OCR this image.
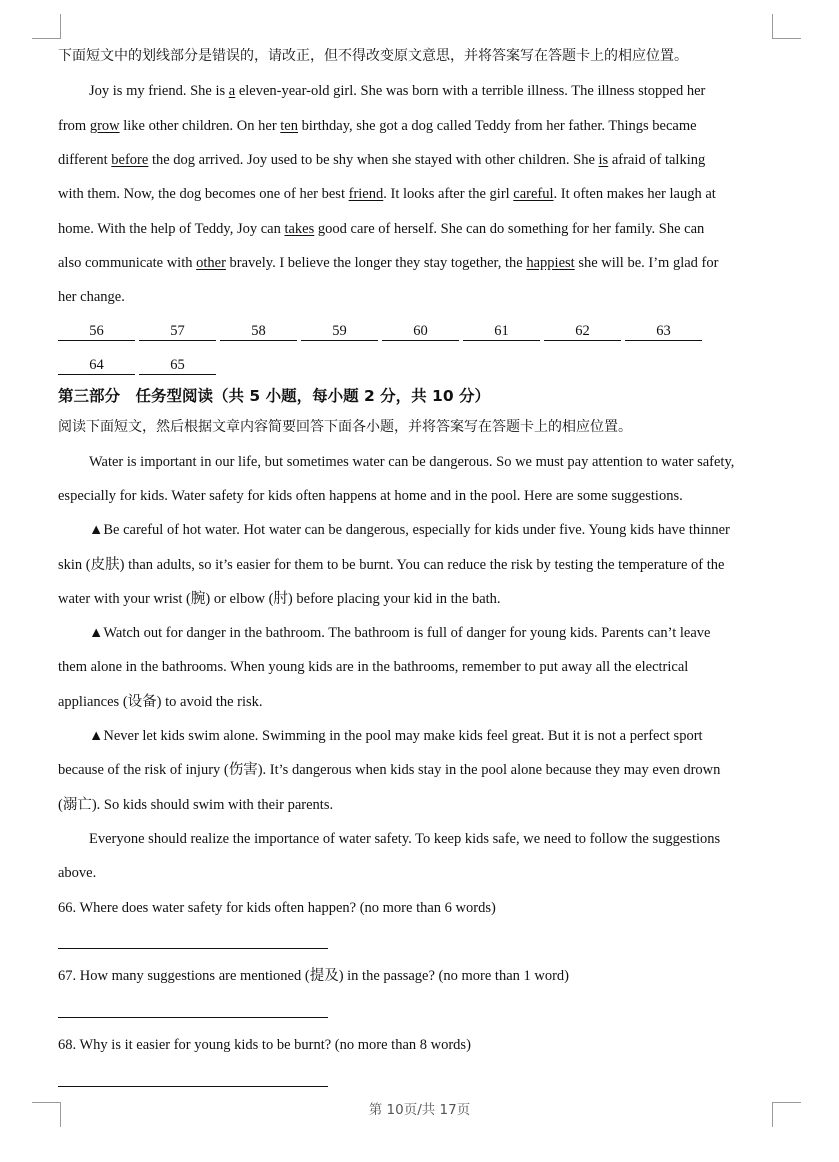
下面短文中的划线部分是错误的，请改正，但不得改变原文意思，并将答案写在答题卡上的相应位置。
Joy is my friend. She is a eleven-year-old girl. She was born with a terrible illness. The illness stopped her
from grow like other children. On her ten birthday, she got a dog called Teddy from her father. Things became
different before the dog arrived. Joy used to be shy when she stayed with other children. She is afraid of talking
with them. Now, the dog becomes one of her best friend. It looks after the girl careful. It often makes her laugh at
home. With the help of Teddy, Joy can takes good care of herself. She can do something for her family. She can
also communicate with other bravely. I believe the longer they stay together, the happiest she will be. I’m glad for
her change.
56	57	58	59	60	61	62	63
64	65
第三部分　任务型阅读（共 5 小题，每小题 2 分，共 10 分）
阅读下面短文，然后根据文章内容简要回答下面各小题，并将答案写在答题卡上的相应位置。
Water is important in our life, but sometimes water can be dangerous. So we must pay attention to water safety,
especially for kids. Water safety for kids often happens at home and in the pool. Here are some suggestions.
▲Be careful of hot water. Hot water can be dangerous, especially for kids under five. Young kids have thinner
skin (皮肤) than adults, so it’s easier for them to be burnt. You can reduce the risk by testing the temperature of the
water with your wrist (腕) or elbow (肘) before placing your kid in the bath.
▲Watch out for danger in the bathroom. The bathroom is full of danger for young kids. Parents can’t leave
them alone in the bathrooms. When young kids are in the bathrooms, remember to put away all the electrical
appliances (设备) to avoid the risk.
▲Never let kids swim alone. Swimming in the pool may make kids feel great. But it is not a perfect sport
because of the risk of injury (伤害). It’s dangerous when kids stay in the pool alone because they may even drown
(溺亡). So kids should swim with their parents.
Everyone should realize the importance of water safety. To keep kids safe, we need to follow the suggestions
above.
66. Where does water safety for kids often happen? (no more than 6 words)
67. How many suggestions are mentioned (提及) in the passage? (no more than 1 word)
68. Why is it easier for young kids to be burnt? (no more than 8 words)
第 10页/共 17页
